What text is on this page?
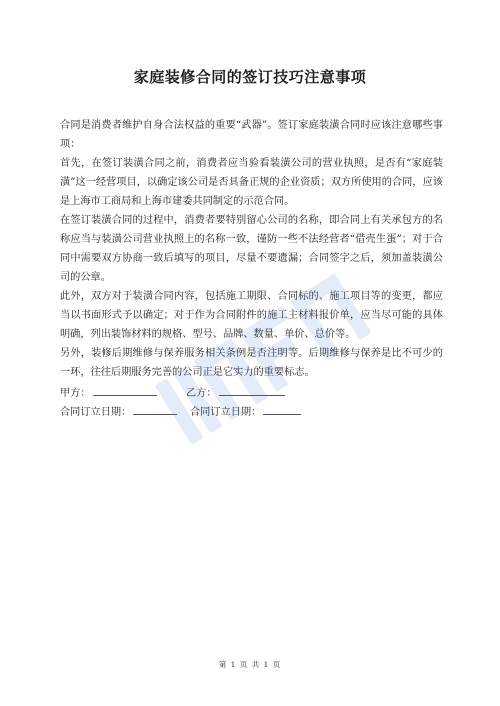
家庭装修合同的签订技巧注意事项

合同是消费者维护自身合法权益的重要“武器”。签订家庭装潢合同时应该注意哪些事项：

首先，在签订装潢合同之前，消费者应当验看装潢公司的营业执照，是否有“家庭装潢”这一经营项目，以确定该公司是否具备正规的企业资质；双方所使用的合同，应该是上海市工商局和上海市建委共同制定的示范合同。

在签订装潢合同的过程中，消费者要特别留心公司的名称，即合同上有关承包方的名称应当与装潢公司营业执照上的名称一致，谨防一些不法经营者“借壳生蛋”；对于合同中需要双方协商一致后填写的项目，尽量不要遗漏；合同签字之后，须加盖装潢公司的公章。

此外，双方对于装潢合同内容，包括施工期限、合同标的、施工项目等的变更，都应当以书面形式予以确定；对于作为合同附件的施工主材料报价单，应当尽可能的具体明确，列出装饰材料的规格、型号、品牌、数量、单价、总价等。

另外，装修后期维修与保养服务相关条例是否注明等。后期维修与保养是比不可少的一环，往往后期服务完善的公司正是它实力的重要标志。

甲方：	乙方：
合同订立日期：	合同订立日期：
第 1 页 共 1 页
